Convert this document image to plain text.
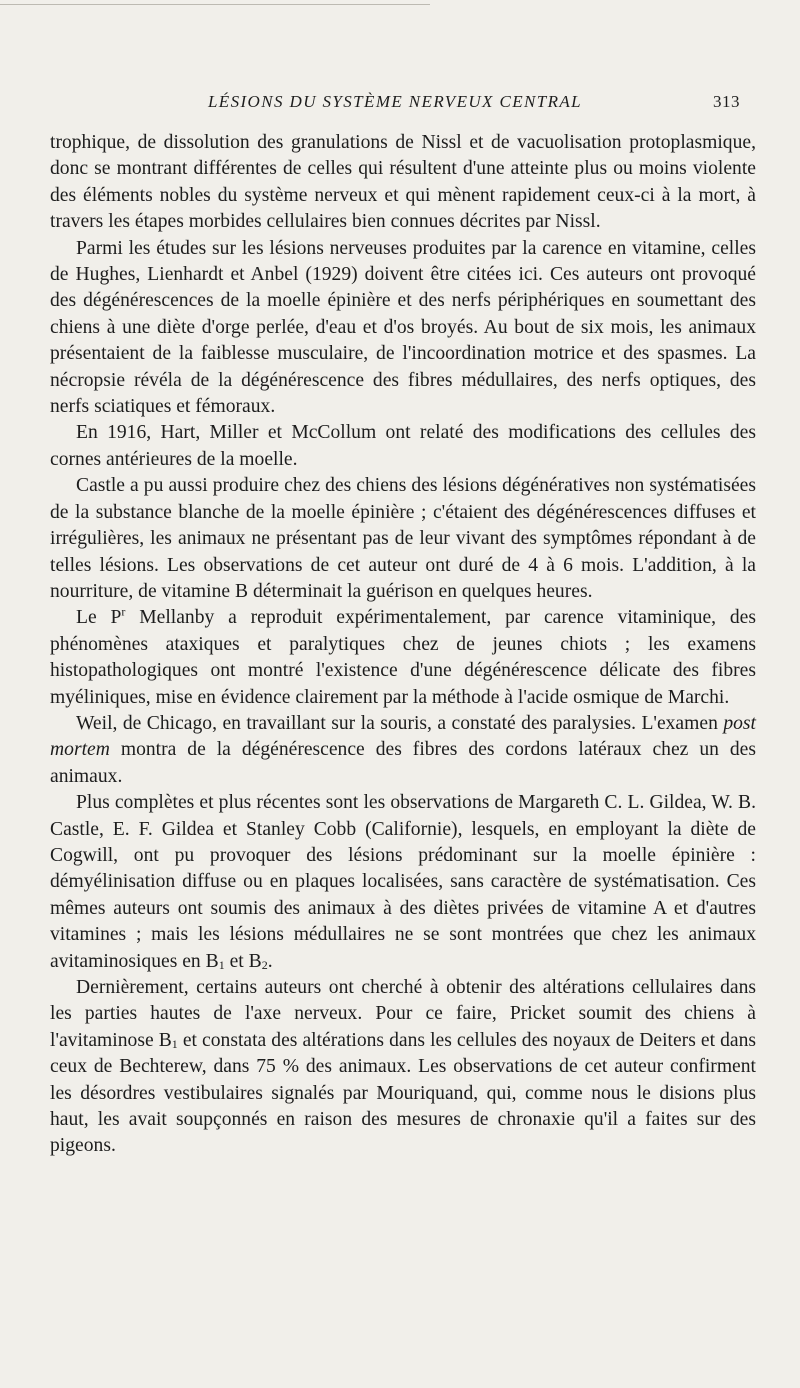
LÉSIONS DU SYSTÈME NERVEUX CENTRAL	313

trophique, de dissolution des granulations de Nissl et de vacuolisation protoplasmique, donc se montrant différentes de celles qui résultent d'une atteinte plus ou moins violente des éléments nobles du système nerveux et qui mènent rapidement ceux-ci à la mort, à travers les étapes morbides cellulaires bien connues décrites par Nissl.

Parmi les études sur les lésions nerveuses produites par la carence en vitamine, celles de Hughes, Lienhardt et Anbel (1929) doivent être citées ici. Ces auteurs ont provoqué des dégénérescences de la moelle épinière et des nerfs périphériques en soumettant des chiens à une diète d'orge perlée, d'eau et d'os broyés. Au bout de six mois, les animaux présentaient de la faiblesse musculaire, de l'incoordination motrice et des spasmes. La nécropsie révéla de la dégénérescence des fibres médullaires, des nerfs optiques, des nerfs sciatiques et fémoraux.

En 1916, Hart, Miller et McCollum ont relaté des modifications des cellules des cornes antérieures de la moelle.

Castle a pu aussi produire chez des chiens des lésions dégénératives non systématisées de la substance blanche de la moelle épinière ; c'étaient des dégénérescences diffuses et irrégulières, les animaux ne présentant pas de leur vivant des symptômes répondant à de telles lésions. Les observations de cet auteur ont duré de 4 à 6 mois. L'addition, à la nourriture, de vitamine B déterminait la guérison en quelques heures.

Le $P^r$ Mellanby a reproduit expérimentalement, par carence vitaminique, des phénomènes ataxiques et paralytiques chez de jeunes chiots ; les examens histopathologiques ont montré l'existence d'une dégénérescence délicate des fibres myéliniques, mise en évidence clairement par la méthode à l'acide osmique de Marchi.

Weil, de Chicago, en travaillant sur la souris, a constaté des paralysies. L'examen post mortem montra de la dégénérescence des fibres des cordons latéraux chez un des animaux.

Plus complètes et plus récentes sont les observations de Margareth C. L. Gildea, W. B. Castle, E. F. Gildea et Stanley Cobb (Californie), lesquels, en employant la diète de Cogwill, ont pu provoquer des lésions prédominant sur la moelle épinière : démyélinisation diffuse ou en plaques localisées, sans caractère de systématisation. Ces mêmes auteurs ont soumis des animaux à des diètes privées de vitamine A et d'autres vitamines ; mais les lésions médullaires ne se sont montrées que chez les animaux avitaminosiques en $B_1$ et $B_2$.

Dernièrement, certains auteurs ont cherché à obtenir des altérations cellulaires dans les parties hautes de l'axe nerveux. Pour ce faire, Pricket soumit des chiens à l'avitaminose $B_1$ et constata des altérations dans les cellules des noyaux de Deiters et dans ceux de Bechterew, dans 75 % des animaux. Les observations de cet auteur confirment les désordres vestibulaires signalés par Mouriquand, qui, comme nous le disions plus haut, les avait soupçonnés en raison des mesures de chronaxie qu'il a faites sur des pigeons.
